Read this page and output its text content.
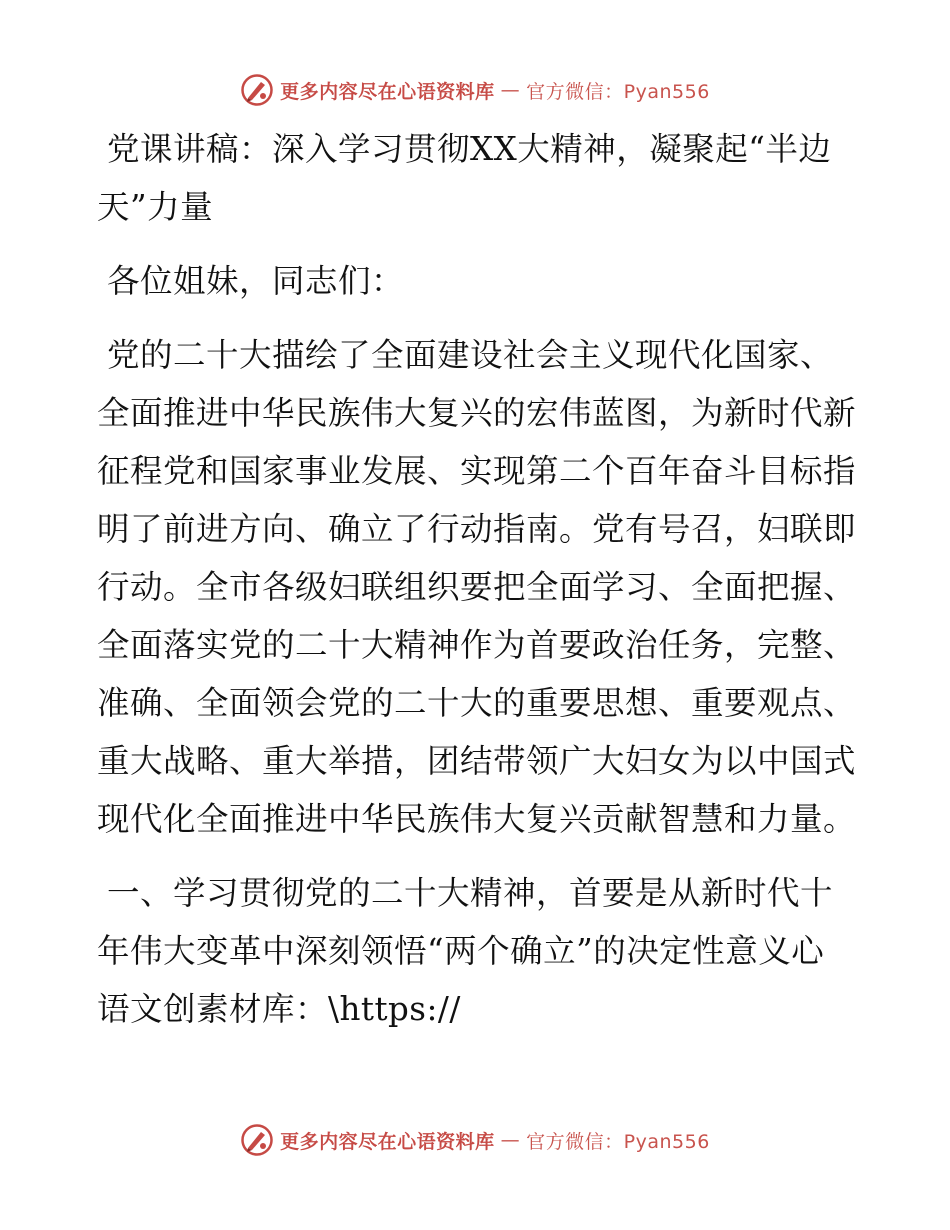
更多内容尽在心语资料库 — 官方微信：Pyan556

党课讲稿：深入学习贯彻XX大精神，凝聚起“半边天”力量

各位姐妹，同志们：

党的二十大描绘了全面建设社会主义现代化国家、全面推进中华民族伟大复兴的宏伟蓝图，为新时代新征程党和国家事业发展、实现第二个百年奋斗目标指明了前进方向、确立了行动指南。党有号召，妇联即行动。全市各级妇联组织要把全面学习、全面把握、全面落实党的二十大精神作为首要政治任务，完整、准确、全面领会党的二十大的重要思想、重要观点、重大战略、重大举措，团结带领广大妇女为以中国式现代化全面推进中华民族伟大复兴贡献智慧和力量。

一、学习贯彻党的二十大精神，首要是从新时代十年伟大变革中深刻领悟“两个确立”的决定性意义心语文创素材库：\https://

更多内容尽在心语资料库 — 官方微信：Pyan556
